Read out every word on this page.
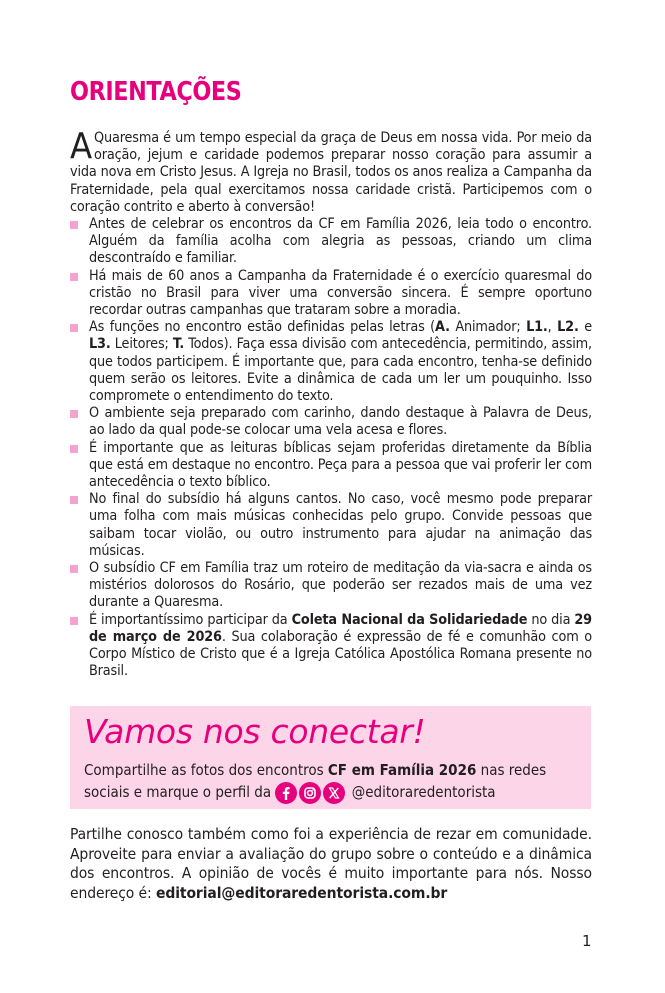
ORIENTAÇÕES

A Quaresma é um tempo especial da graça de Deus em nossa vida. Por meio da oração, jejum e caridade podemos preparar nosso coração para assumir a vida nova em Cristo Jesus. A Igreja no Brasil, todos os anos realiza a Campanha da Fraternidade, pela qual exercitamos nossa caridade cristã. Participemos com o coração contrito e aberto à conversão!

Antes de celebrar os encontros da CF em Família 2026, leia todo o encontro. Alguém da família acolha com alegria as pessoas, criando um clima descontraído e familiar.
Há mais de 60 anos a Campanha da Fraternidade é o exercício quaresmal do cristão no Brasil para viver uma conversão sincera. É sempre oportuno recordar outras campanhas que trataram sobre a moradia.
As funções no encontro estão definidas pelas letras (A. Animador; L1., L2. e L3. Leitores; T. Todos). Faça essa divisão com antecedência, permitindo, assim, que todos participem. É importante que, para cada encontro, tenha-se definido quem serão os leitores. Evite a dinâmica de cada um ler um pouquinho. Isso compromete o entendimento do texto.
O ambiente seja preparado com carinho, dando destaque à Palavra de Deus, ao lado da qual pode-se colocar uma vela acesa e flores.
É importante que as leituras bíblicas sejam proferidas diretamente da Bíblia que está em destaque no encontro. Peça para a pessoa que vai proferir ler com antecedência o texto bíblico.
No final do subsídio há alguns cantos. No caso, você mesmo pode preparar uma folha com mais músicas conhecidas pelo grupo. Convide pessoas que saibam tocar violão, ou outro instrumento para ajudar na animação das músicas.
O subsídio CF em Família traz um roteiro de meditação da via-sacra e ainda os mistérios dolorosos do Rosário, que poderão ser rezados mais de uma vez durante a Quaresma.
É importantíssimo participar da Coleta Nacional da Solidariedade no dia 29 de março de 2026. Sua colaboração é expressão de fé e comunhão com o Corpo Místico de Cristo que é a Igreja Católica Apostólica Romana presente no Brasil.
Vamos nos conectar!
Compartilhe as fotos dos encontros CF em Família 2026 nas redes sociais e marque o perfil da	@editoraredentorista

Partilhe conosco também como foi a experiência de rezar em comunidade. Aproveite para enviar a avaliação do grupo sobre o conteúdo e a dinâmica dos encontros. A opinião de vocês é muito importante para nós. Nosso endereço é: editorial@editoraredentorista.com.br

1
